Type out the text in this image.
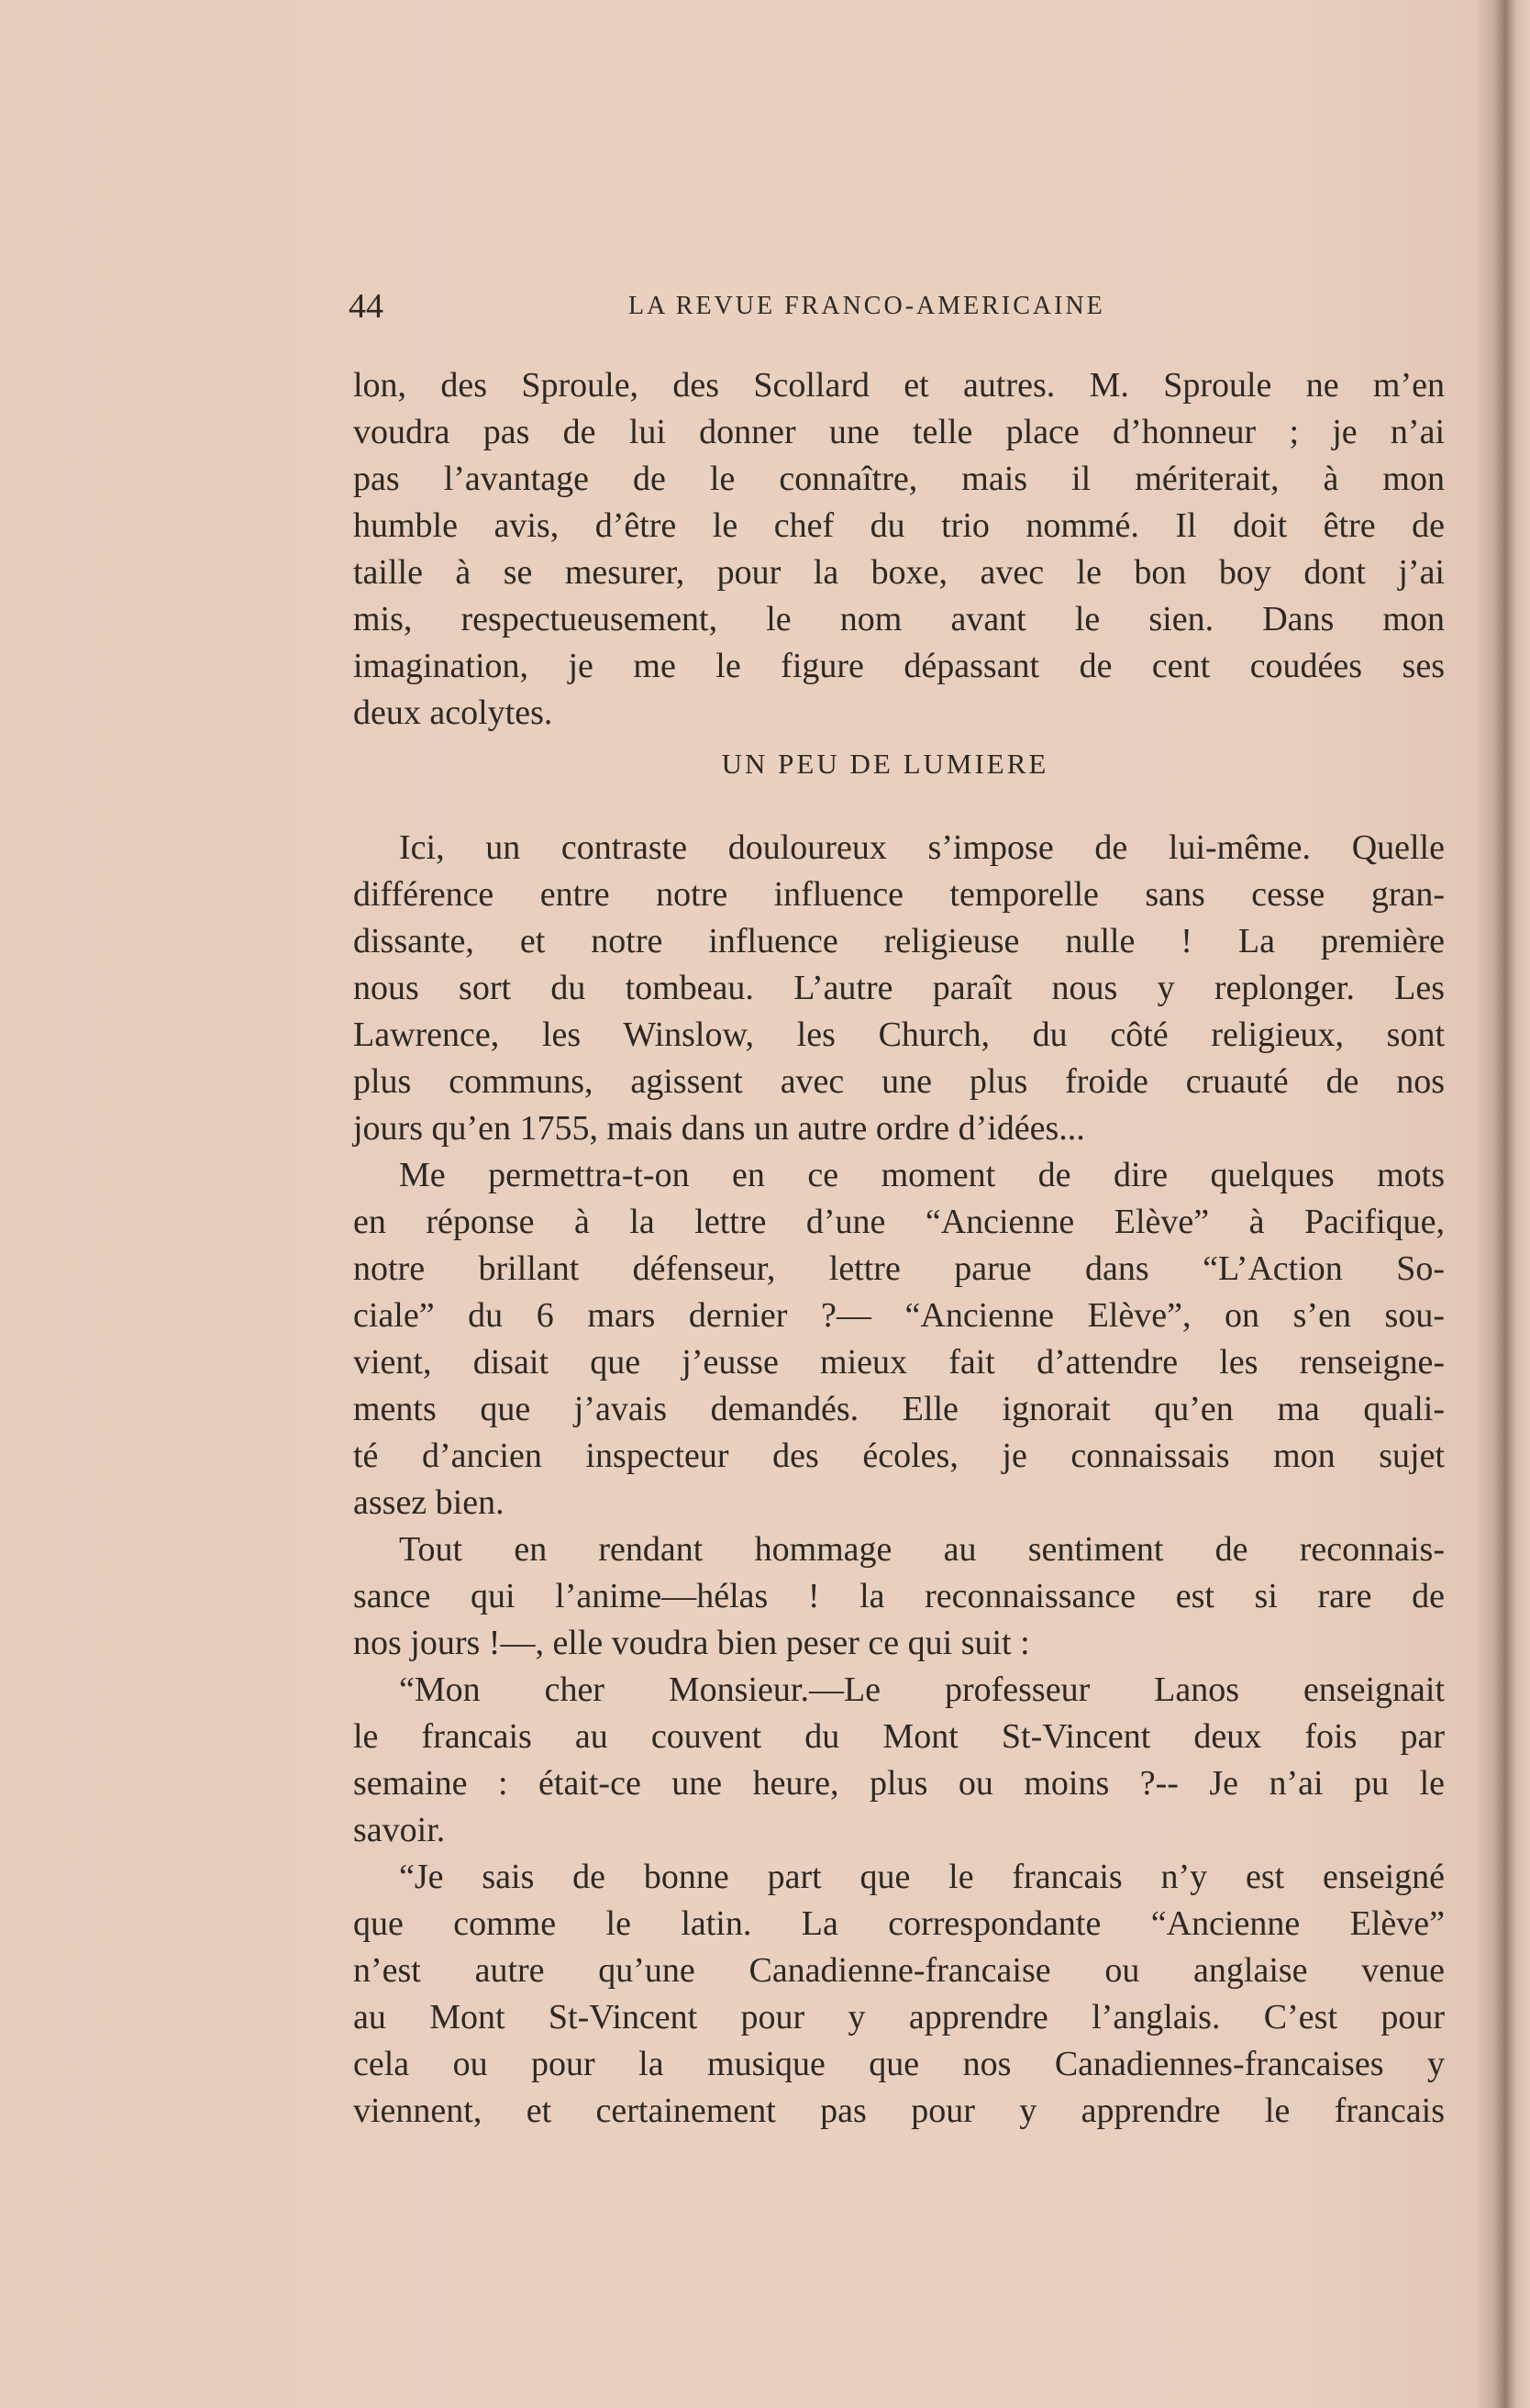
44	LA REVUE FRANCO-AMERICAINE

lon, des Sproule, des Scollard et autres. M. Sproule ne m’en

voudra pas de lui donner une telle place d’honneur ; je n’ai

pas l’avantage de le connaître, mais il mériterait, à mon

humble avis, d’être le chef du trio nommé. Il doit être de

taille à se mesurer, pour la boxe, avec le bon boy dont j’ai

mis, respectueusement, le nom avant le sien. Dans mon

imagination, je me le figure dépassant de cent coudées ses

deux acolytes.

UN PEU DE LUMIERE

Ici, un contraste douloureux s’impose de lui-même. Quelle

différence entre notre influence temporelle sans cesse gran-

dissante, et notre influence religieuse nulle ! La première

nous sort du tombeau. L’autre paraît nous y replonger. Les

Lawrence, les Winslow, les Church, du côté religieux, sont

plus communs, agissent avec une plus froide cruauté de nos

jours qu’en 1755, mais dans un autre ordre d’idées...

Me permettra-t-on en ce moment de dire quelques mots

en réponse à la lettre d’une “Ancienne Elève” à Pacifique,

notre brillant défenseur, lettre parue dans “L’Action So-

ciale” du 6 mars dernier ?— “Ancienne Elève”, on s’en sou-

vient, disait que j’eusse mieux fait d’attendre les renseigne-

ments que j’avais demandés. Elle ignorait qu’en ma quali-

té d’ancien inspecteur des écoles, je connaissais mon sujet

assez bien.

Tout en rendant hommage au sentiment de reconnais-

sance qui l’anime—hélas ! la reconnaissance est si rare de

nos jours !—, elle voudra bien peser ce qui suit :

“Mon cher Monsieur.—Le professeur Lanos enseignait

le francais au couvent du Mont St-Vincent deux fois par

semaine : était-ce une heure, plus ou moins ?-- Je n’ai pu le

savoir.

“Je sais de bonne part que le francais n’y est enseigné

que comme le latin. La correspondante “Ancienne Elève”

n’est autre qu’une Canadienne-francaise ou anglaise venue

au Mont St-Vincent pour y apprendre l’anglais. C’est pour

cela ou pour la musique que nos Canadiennes-francaises y

viennent, et certainement pas pour y apprendre le francais
